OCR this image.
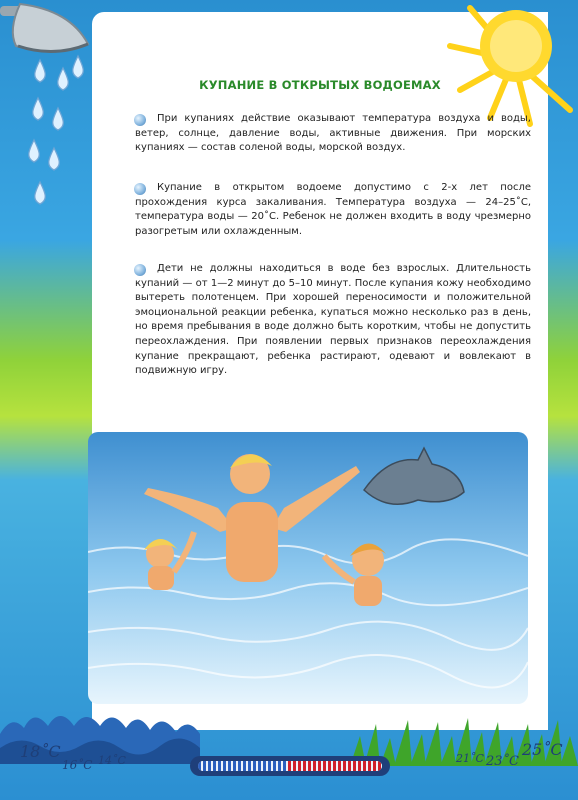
КУПАНИЕ В ОТКРЫТЫХ ВОДОЕМАХ

При купаниях действие оказывают температура воздуха и воды, ветер, солнце, давление воды, активные движения. При морских купаниях — состав соленой воды, морской воздух.

Купание в открытом водоеме допустимо с 2-х лет после прохождения курса закаливания. Температура воздуха — 24–25˚С, температура воды — 20˚С. Ребенок не должен входить в воду чрезмерно разогретым или охлажденным.

Дети не должны находиться в воде без взрослых. Длительность купаний — от 1—2 минут до 5–10 минут. После купания кожу необходимо вытереть полотенцем. При хорошей переносимости и положительной эмоциональной реакции ребенка, купаться можно несколько раз в день, но время пребывания в воде должно быть коротким, чтобы не допустить переохлаждения. При появлении первых признаков переохлаждения купание прекращают, ребенка растирают, одевают и вовлекают в подвижную игру.

18˚С
16˚С 14˚С	21˚С 23˚С
25˚С
